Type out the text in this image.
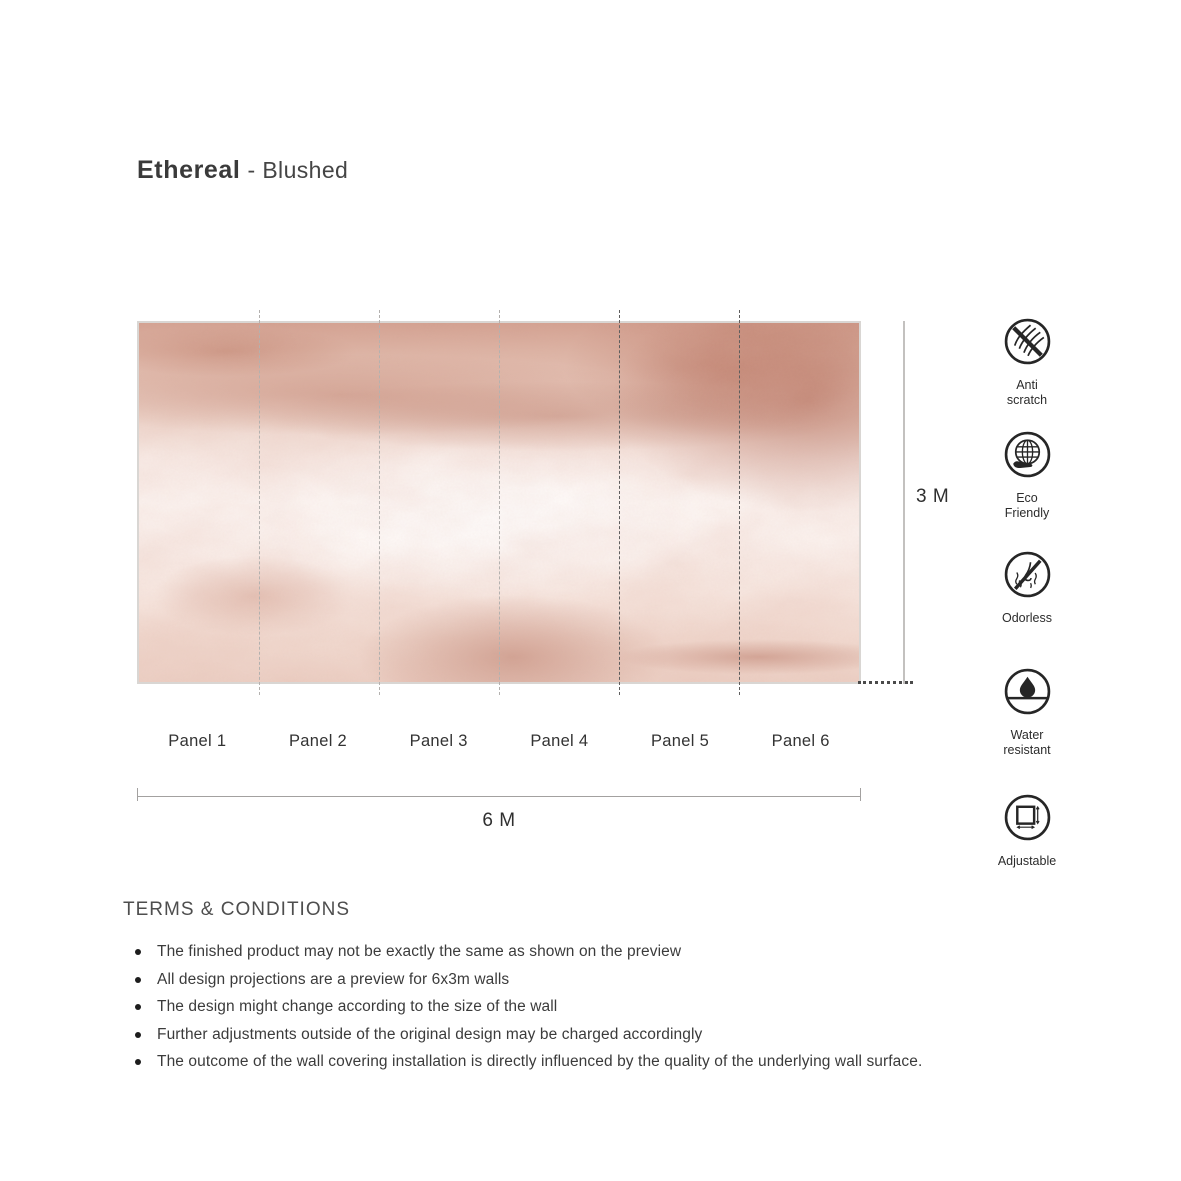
Ethereal - Blushed
3 M
Panel 1	Panel 2	Panel 3	Panel 4	Panel 5	Panel 6
6 M
Anti
scratch
Eco
Friendly
Odorless
Water
resistant
Adjustable
TERMS & CONDITIONS
The finished product may not be exactly the same as shown on the preview
All design projections are a preview for 6x3m walls
The design might change according to the size of the wall
Further adjustments outside of the original design may be charged accordingly
The outcome of the wall covering installation is directly influenced by the quality of the underlying wall surface.
